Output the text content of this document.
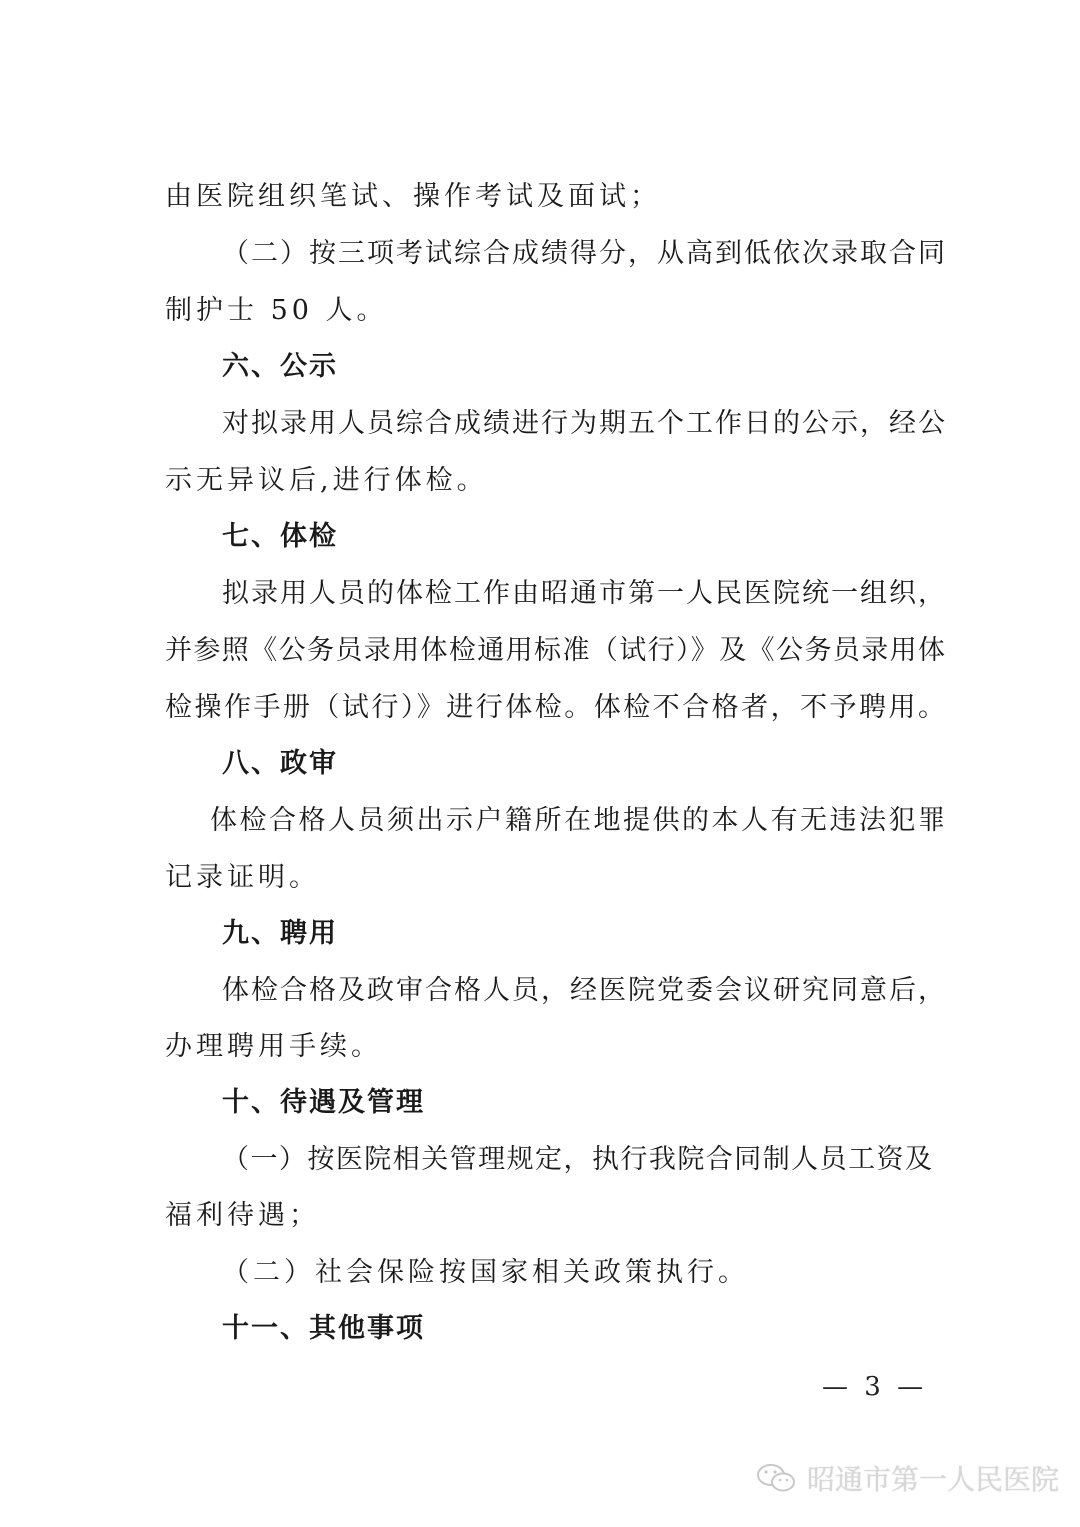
由医院组织笔试、操作考试及面试；
（二）按三项考试综合成绩得分，从高到低依次录取合同
制护士 50 人。
六、公示
对拟录用人员综合成绩进行为期五个工作日的公示，经公
示无异议后,进行体检。
七、体检
拟录用人员的体检工作由昭通市第一人民医院统一组织，
并参照《公务员录用体检通用标准（试行）》及《公务员录用体
检操作手册（试行）》进行体检。体检不合格者，不予聘用。
八、政审
体检合格人员须出示户籍所在地提供的本人有无违法犯罪
记录证明。
九、聘用
体检合格及政审合格人员，经医院党委会议研究同意后，
办理聘用手续。
十、待遇及管理
（一）按医院相关管理规定，执行我院合同制人员工资及
福利待遇；
（二）社会保险按国家相关政策执行。
十一、其他事项
— 3 —
昭通市第一人民医院
